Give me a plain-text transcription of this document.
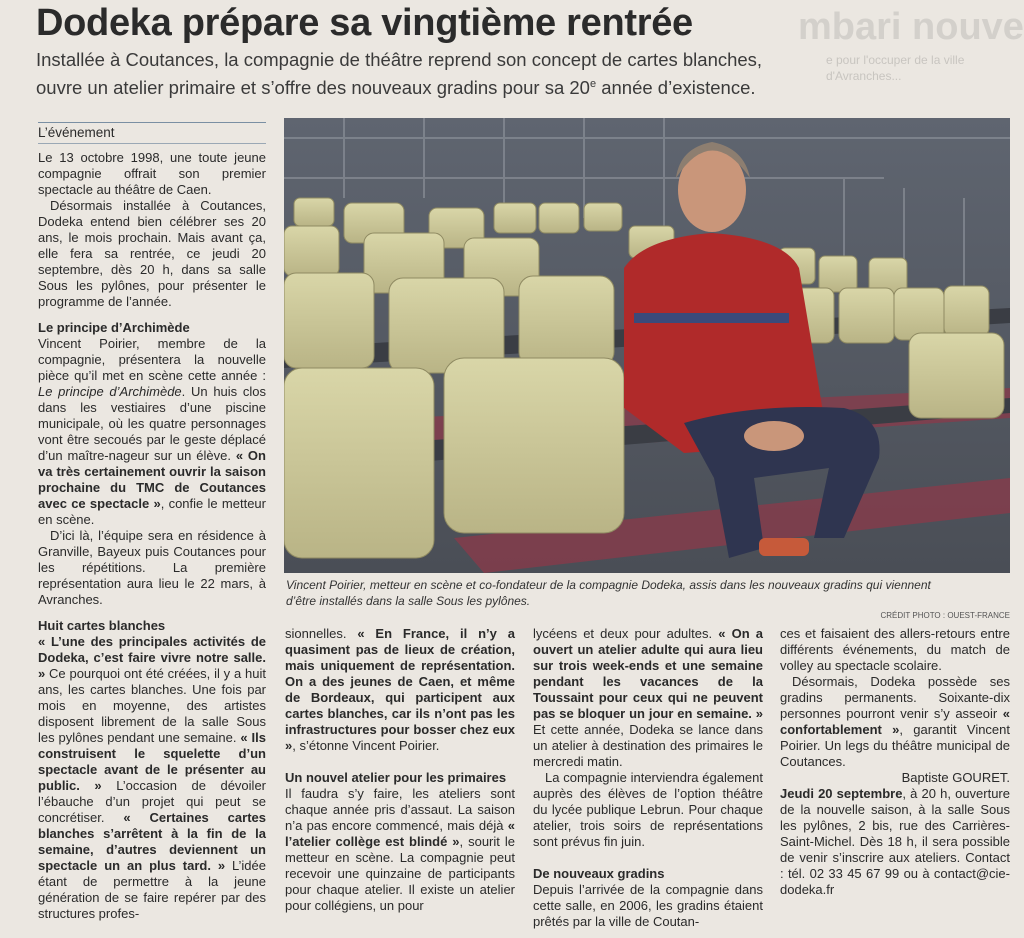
mbari nouve
e pour l'occuper de la ville d'Avranches...
Dodeka prépare sa vingtième rentrée
Installée à Coutances, la compagnie de théâtre reprend son concept de cartes blanches,
ouvre un atelier primaire et s’offre des nouveaux gradins pour sa 20e année d’existence.
L’événement

Le 13 octobre 1998, une toute jeune compagnie offrait son premier spectacle au théâtre de Caen.

Désormais installée à Coutances, Dodeka entend bien célébrer ses 20 ans, le mois prochain. Mais avant ça, elle fera sa rentrée, ce jeudi 20 septembre, dès 20 h, dans sa salle Sous les pylônes, pour présenter le programme de l’année.

Le principe d’Archimède

Vincent Poirier, membre de la compagnie, présentera la nouvelle pièce qu’il met en scène cette année : Le principe d’Archimède. Un huis clos dans les vestiaires d’une piscine municipale, où les quatre personnages vont être secoués par le geste déplacé d’un maître-nageur sur un élève. « On va très certainement ouvrir la saison prochaine du TMC de Coutances avec ce spectacle », confie le metteur en scène.

D’ici là, l’équipe sera en résidence à Granville, Bayeux puis Coutances pour les répétitions. La première représentation aura lieu le 22 mars, à Avranches.

Huit cartes blanches

« L’une des principales activités de Dodeka, c’est faire vivre notre salle. » Ce pourquoi ont été créées, il y a huit ans, les cartes blanches. Une fois par mois en moyenne, des artistes disposent librement de la salle Sous les pylônes pendant une semaine. « Ils construisent le squelette d’un spectacle avant de le présenter au public. » L’occasion de dévoiler l’ébauche d’un projet qui peut se concrétiser. « Certaines cartes blanches s’arrêtent à la fin de la semaine, d’autres deviennent un spectacle un an plus tard. » L’idée étant de permettre à la jeune génération de se faire repérer par des structures profes-

Vincent Poirier, metteur en scène et co-fondateur de la compagnie Dodeka, assis dans les nouveaux gradins qui viennent
d’être installés dans la salle Sous les pylônes.
CRÉDIT PHOTO : OUEST-FRANCE

sionnelles. « En France, il n’y a quasiment pas de lieux de création, mais uniquement de représentation. On a des jeunes de Caen, et même de Bordeaux, qui participent aux cartes blanches, car ils n’ont pas les infrastructures pour bosser chez eux », s’étonne Vincent Poirier.

Un nouvel atelier pour les primaires

Il faudra s’y faire, les ateliers sont chaque année pris d’assaut. La saison n’a pas encore commencé, mais déjà « l’atelier collège est blindé », sourit le metteur en scène. La compagnie peut recevoir une quinzaine de participants pour chaque atelier. Il existe un atelier pour collégiens, un pour

lycéens et deux pour adultes. « On a ouvert un atelier adulte qui aura lieu sur trois week-ends et une semaine pendant les vacances de la Toussaint pour ceux qui ne peuvent pas se bloquer un jour en semaine. » Et cette année, Dodeka se lance dans un atelier à destination des primaires le mercredi matin.

La compagnie interviendra également auprès des élèves de l’option théâtre du lycée publique Lebrun. Pour chaque atelier, trois soirs de représentations sont prévus fin juin.

De nouveaux gradins

Depuis l’arrivée de la compagnie dans cette salle, en 2006, les gradins étaient prêtés par la ville de Coutan-

ces et faisaient des allers-retours entre différents événements, du match de volley au spectacle scolaire.

Désormais, Dodeka possède ses gradins permanents. Soixante-dix personnes pourront venir s’y asseoir « confortablement », garantit Vincent Poirier. Un legs du théâtre municipal de Coutances.

Baptiste GOURET.

Jeudi 20 septembre, à 20 h, ouverture de la nouvelle saison, à la salle Sous les pylônes, 2 bis, rue des Carrières-Saint-Michel. Dès 18 h, il sera possible de venir s’inscrire aux ateliers. Contact : tél. 02 33 45 67 99 ou à contact@cie-dodeka.fr
